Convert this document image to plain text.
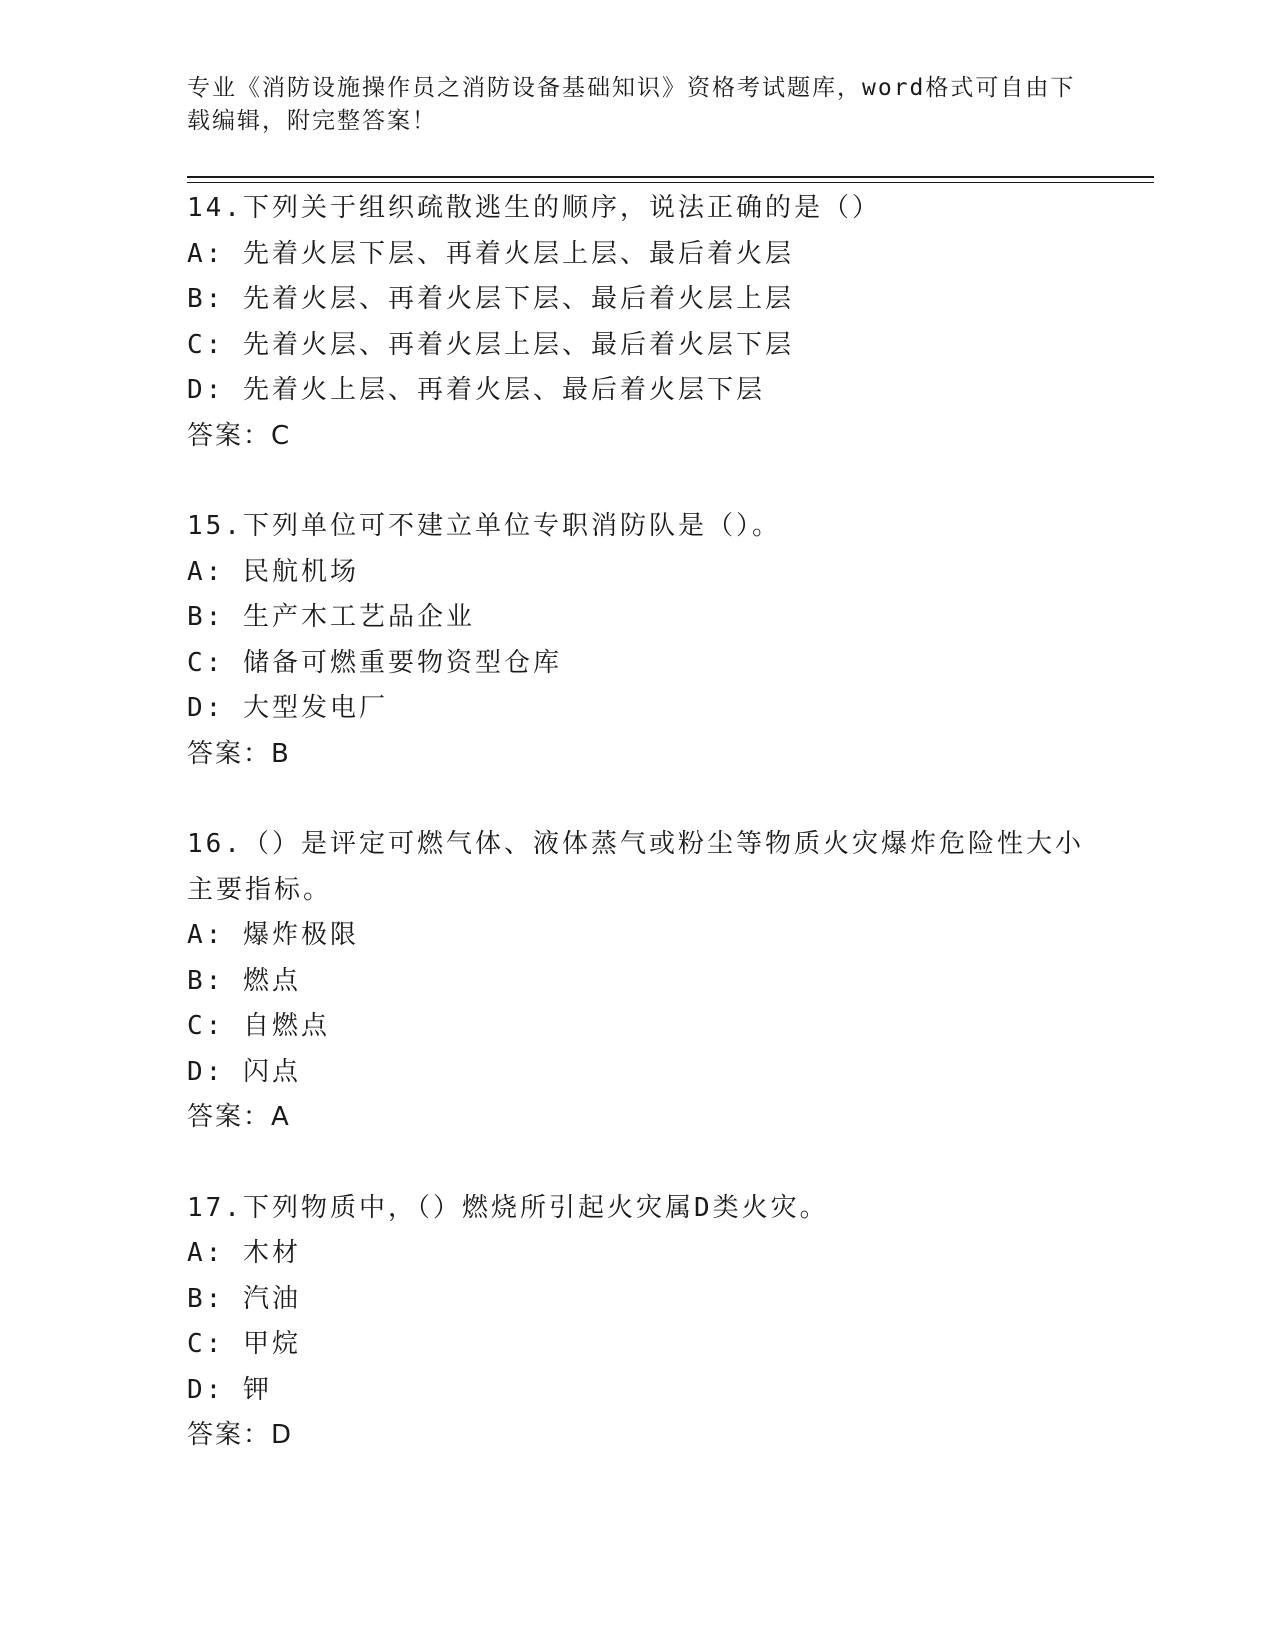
专业《消防设施操作员之消防设备基础知识》资格考试题库，word格式可自由下
载编辑，附完整答案！
14.下列关于组织疏散逃生的顺序，说法正确的是（）
A: 先着火层下层、再着火层上层、最后着火层
B: 先着火层、再着火层下层、最后着火层上层
C: 先着火层、再着火层上层、最后着火层下层
D: 先着火上层、再着火层、最后着火层下层
答案：C
15.下列单位可不建立单位专职消防队是（）。
A: 民航机场
B: 生产木工艺品企业
C: 储备可燃重要物资型仓库
D: 大型发电厂
答案：B
16.（）是评定可燃气体、液体蒸气或粉尘等物质火灾爆炸危险性大小主要指标。
A: 爆炸极限
B: 燃点
C: 自燃点
D: 闪点
答案：A
17.下列物质中，（）燃烧所引起火灾属D类火灾。
A: 木材
B: 汽油
C: 甲烷
D: 钾
答案：D
